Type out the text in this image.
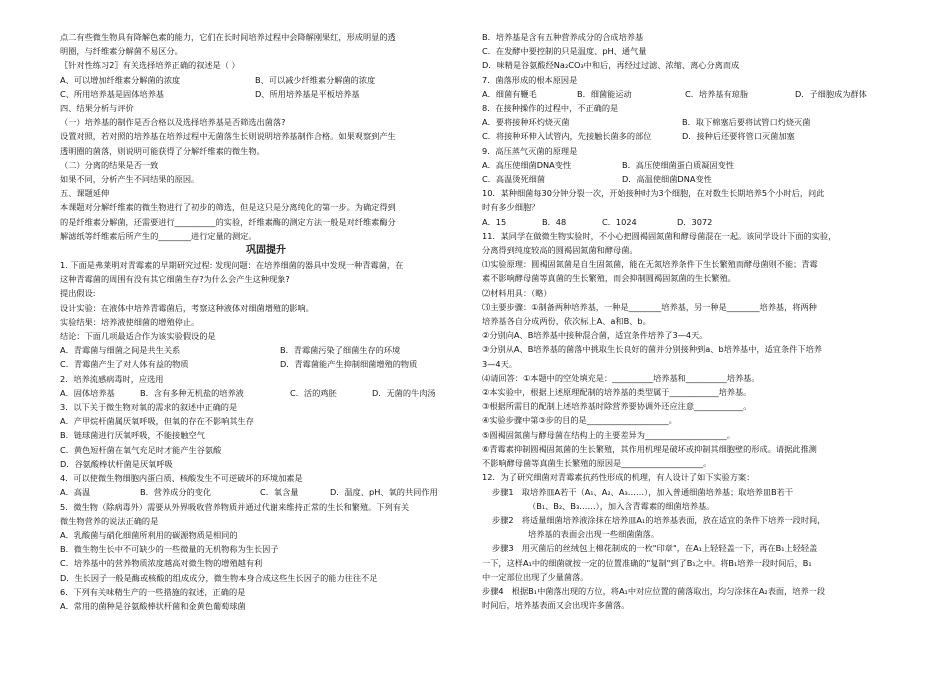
点二有些微生物具有降解色素的能力，它们在长时间培养过程中会降解刚果红，形成明显的透
明圈，与纤维素分解菌不易区分。
〖针对性练习2〗有关选择培养正确的叙述是（ ）
A、可以增加纤维素分解菌的浓度	B、可以减少纤维素分解菌的浓度
C、所用培养基是固体培养基	D、所用培养基是平板培养基
四、结果分析与评价
（一）培养基的制作是否合格以及选择培养基是否筛选出菌落?
设置对照，若对照的培养基在培养过程中无菌落生长则说明培养基制作合格。如果观察到产生
透明圈的菌落，则说明可能获得了分解纤维素的微生物。
（二）分离的结果是否一致
如果不同，分析产生不同结果的原因。
五、课题延伸
本课题对分解纤维素的微生物进行了初步的筛选，但是这只是分离纯化的第一步。为确定得到
的是纤维素分解菌，还需要进行__________的实验，纤维素酶的测定方法一般是对纤维素酶分
解滤纸等纤维素后所产生的________进行定量的测定。
巩固提升
1. 下面是弗莱明对青霉素的早期研究过程: 发现问题：在培养细菌的器具中发现一种青霉菌，在
这种青霉菌的周围有没有其它细菌生存?为什么会产生这种现象?
提出假设:
设计实验：在液体中培养青霉菌后，考察这种液体对细菌增殖的影响。
实验结果：培养液使细菌的增殖停止。
结论：下面几项最适合作为该实验假设的是
A．青霉菌与细菌之间是共生关系	B．青霉菌污染了细菌生存的环境
C．青霉菌产生了对人体有益的物质	D．青霉菌能产生抑制细菌增殖的物质
2．培养流感病毒时，应选用
A．固体培养基	B．含有多种无机盐的培养液	C．活的鸡胚	D．无菌的牛肉汤
3．以下关于微生物对氧的需求的叙述中正确的是
A．产甲烷杆菌属厌氧呼吸，但氧的存在不影响其生存
B．链球菌进行厌氧呼吸，不能接触空气
C．黄色短杆菌在氧气充足时才能产生谷氨酸
D．谷氨酸棒状杆菌是厌氧呼吸
4．可以使微生物细胞内蛋白质、核酸发生不可逆破坏的环境加素是
A．高温	B．营养成分的变化	C．氧含量	D．温度、pH、氧的共同作用
5．微生物（除病毒外）需要从外界吸收营养物质并通过代谢来维持正常的生长和繁殖。下列有关
微生物营养的说法正确的是
A．乳酸菌与硝化细菌所利用的碳源物质是相同的
B．微生物生长中不可缺少的一些微量的无机物称为生长因子
C．培养基中的营养物质浓度越高对微生物的增殖越有利
D．生长因子一般是酶或核酸的组成成分，微生物本身合成这些生长因子的能力往往不足
6．下列有关味精生产的一些措施的叙述，正确的是
A．常用的菌种是谷氨酸棒状杆菌和金黄色葡萄球菌
B．培养基是含有五种营养成分的合成培养基
C．在发酵中要控制的只是温度、pH、通气量
D．味精是谷氨酸经Na₂CO₃中和后，再经过过滤、浓缩、离心分离而成
7．菌落形成的根本原因是
A．细菌有鞭毛	B．细菌能运动	C．培养基有琼脂	D．子细胞成为群体
8．在接种操作的过程中，不正确的是
A．要将接种环灼烧灭菌	B．取下棉塞后要将试管口灼烧灭菌
C．将接种环伸入试管内，先接触长菌多的部位	D．接种后还要将管口灭菌加塞
9．高压蒸气灭菌的原理是
A．高压使细菌DNA变性	B．高压使细菌蛋白质凝固变性
C．高温烫死细菌	D．高温使细菌DNA变性
10．某种细菌每30分钟分裂一次，开始接种时为3个细胞，在对数生长期培养5个小时后，问此
时有多少细胞？
A．15	B．48	C．1024	D．3072
11．某同学在做微生物实验时，不小心把圆褐固氮菌和酵母菌混在一起。该同学设计下面的实验，
分离得到纯度较高的圆褐固氮菌和酵母菌。
⑴实验原理：圆褐固氮菌是自生固氮菌，能在无氮培养条件下生长繁殖而酵母菌则不能；青霉
素不影响酵母菌等真菌的生长繁殖，而会抑制圆褐固氮菌的生长繁殖。
⑵材料用具：（略）
⑶主要步骤：①制备两种培养基，一种是________培养基，另一种是________培养基，将两种
培养基各自分成两份，依次标上A、a和B、b。
②分别向A、B培养基中接种混合菌，适宜条件培养了3—4天。
③分别从A、B培养基的菌落中挑取生长良好的菌并分别接种到a、b培养基中，适宜条件下培养
3—4天。
⑷请回答：①本题中的空处填充是：__________培养基和__________培养基。
②本实验中，根据上述原理配制的培养基的类型属于____________培养基。
③根据所需目的配制上述培养基时除营养要协调外还应注意____________。
④实验步骤中第③步的目的是____________________。
⑤圆褐固氮菌与酵母菌在结构上的主要差异为____________________。
⑥青霉素抑制圆褐固氮菌的生长繁殖，其作用机理是破坏或抑制其细胞壁的形成。请据此推测
不影响酵母菌等真菌生长繁殖的原因是____________________。
12．为了研究细菌对青霉素抗药性形成的机理，有人设计了如下实验方案：
步骤1　 取培养皿A若干（A₁、A₂、A₃……），加入普通细菌培养基；取培养皿B若干
（B₁、B₂、B₃……），加入含青霉素的细菌培养基。
步骤2　 将适量细菌培养液涂抹在培养皿A₁的培养基表面，放在适宜的条件下培养一段时间，
培养基的表面会出现一些细菌菌落。
步骤3　 用灭菌后的丝绒包上棉花制成的一枚"印章"，在A₁上轻轻盖一下，再在B₁上轻轻盖
一下，这样A₁中的细菌就按一定的位置准确的"复制"到了B₁之中。将B₁培养一段时间后，B₁
中一定部位出现了少量菌落。
步骤4　 根据B₁中菌落出现的方位，将A₁中对应位置的菌落取出，均匀涂抹在A₂表面，培养一段
时间后，培养基表面又会出现许多菌落。
